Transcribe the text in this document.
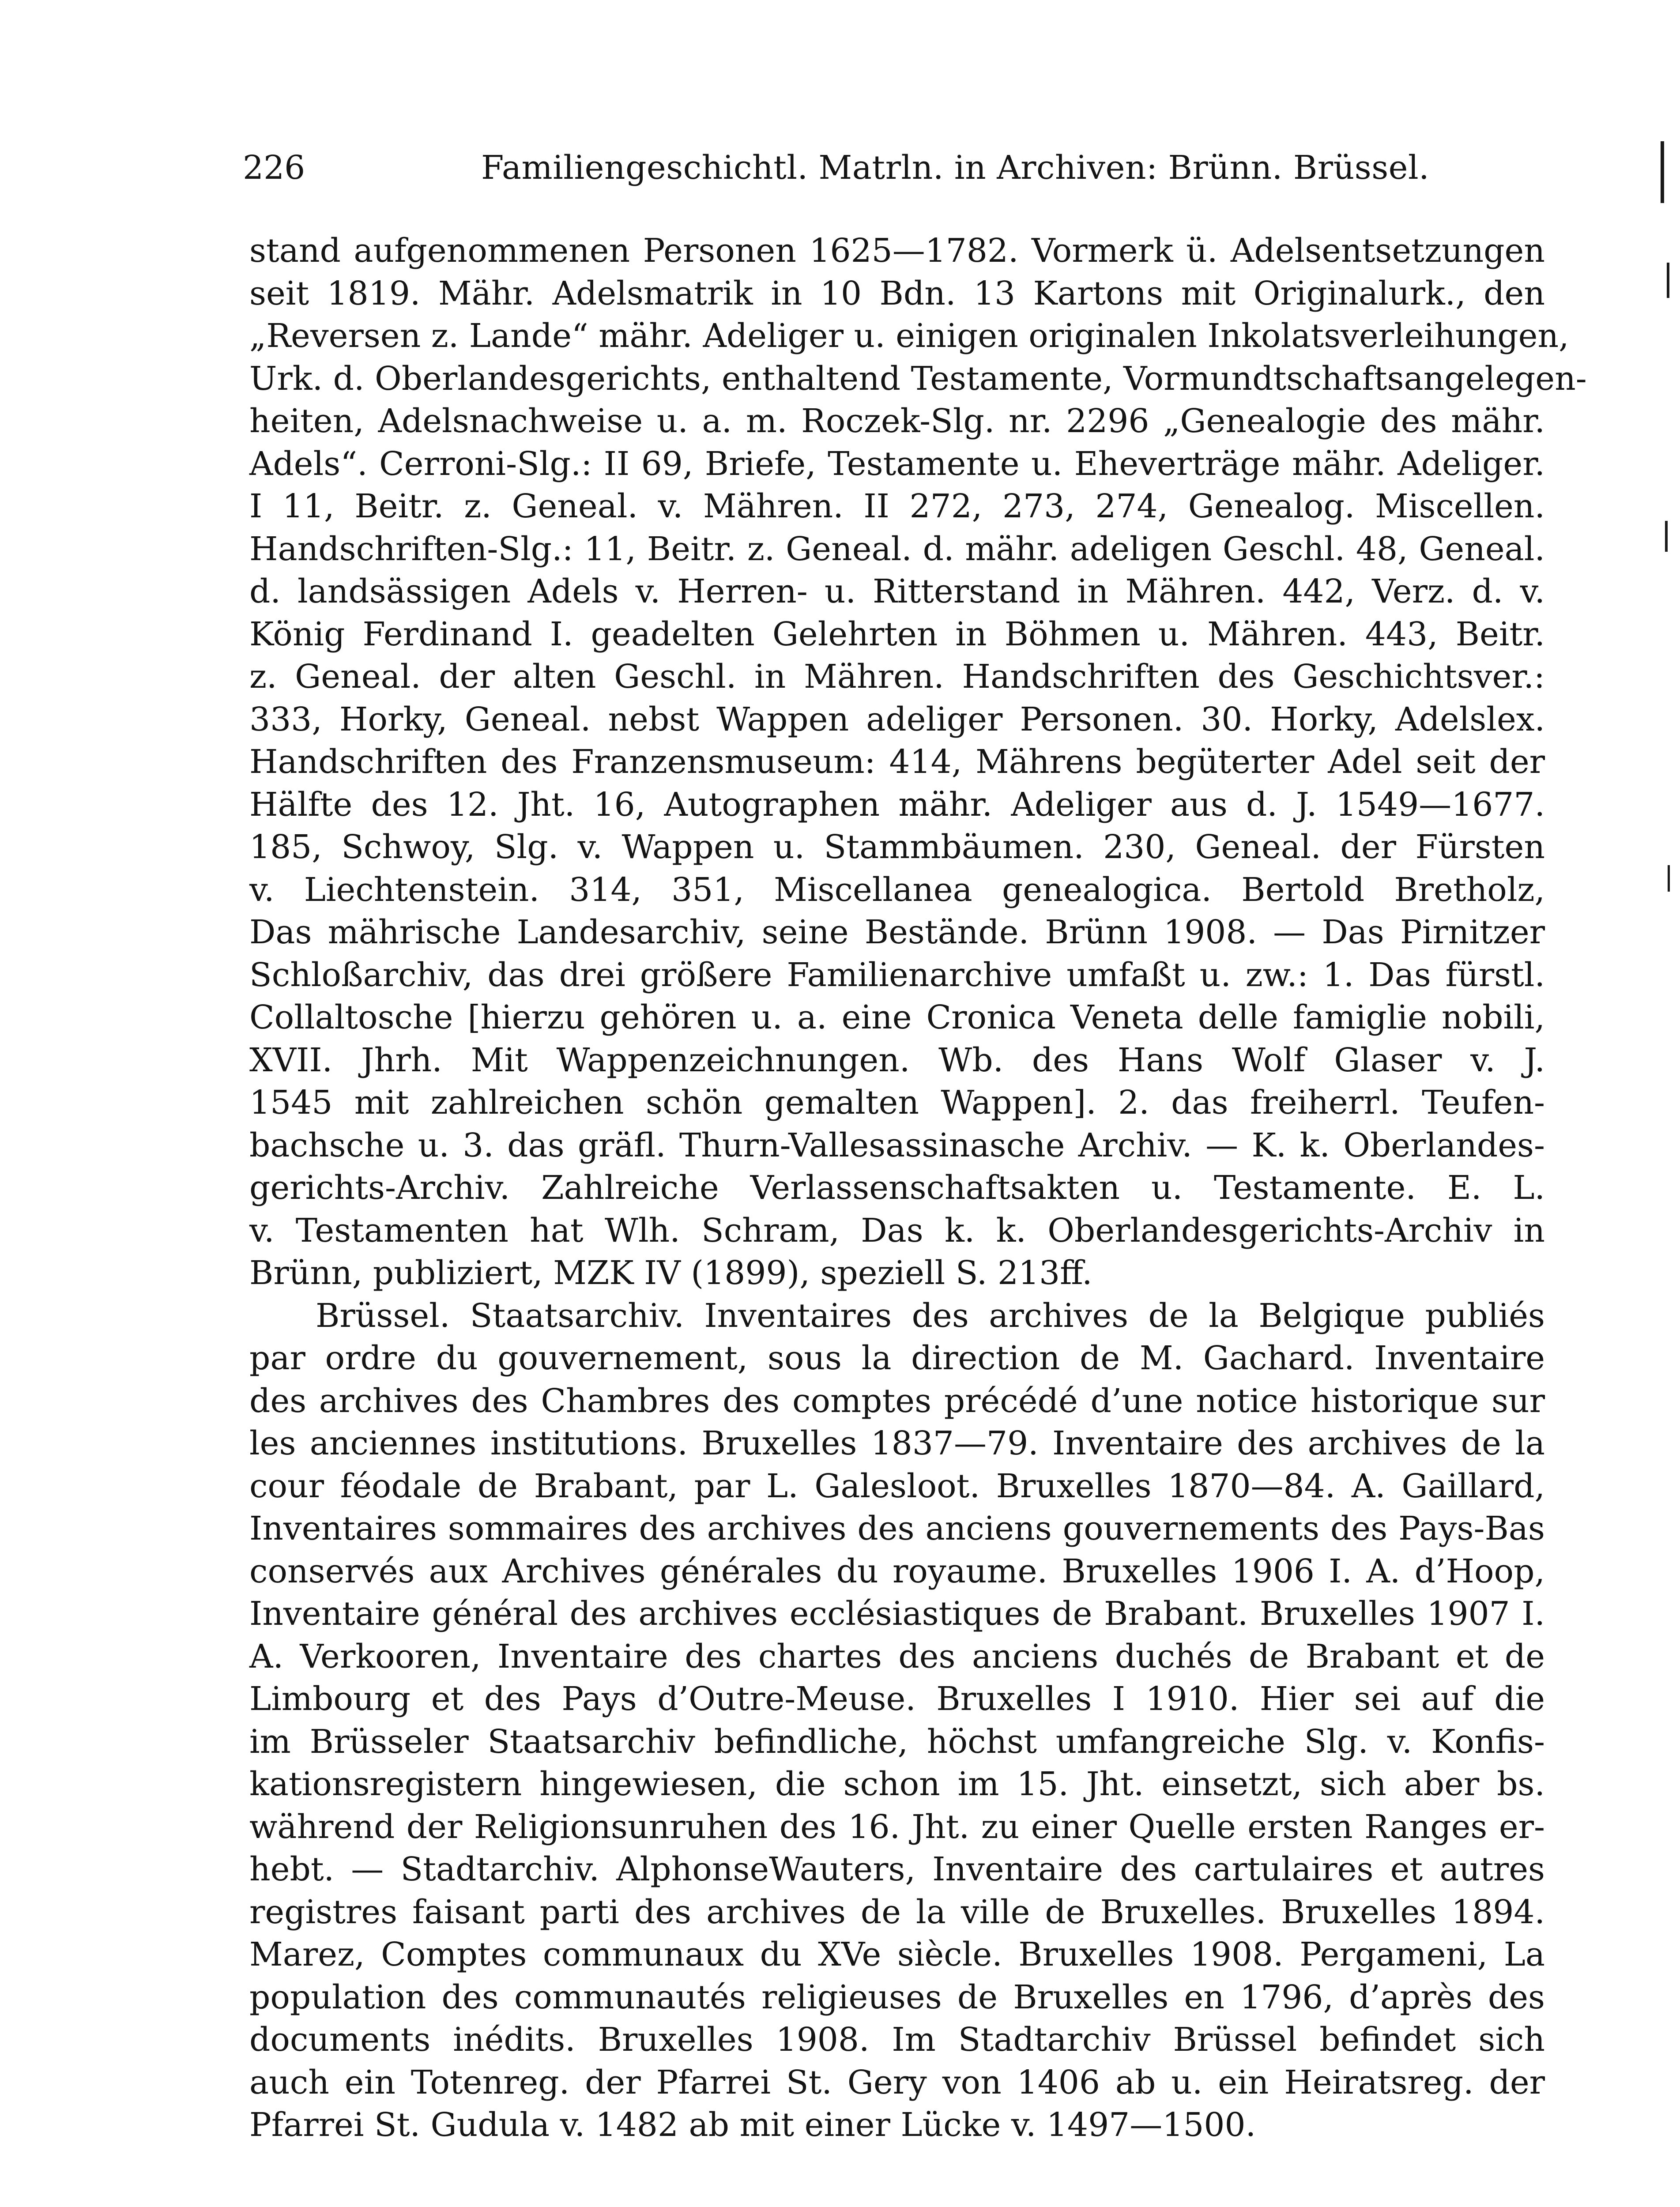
226	Familiengeschichtl. Matrln. in Archiven: Brünn. Brüssel.
stand aufgenommenen Personen 1625—1782. Vormerk ü. Adelsentsetzungen
seit 1819. Mähr. Adelsmatrik in 10 Bdn. 13 Kartons mit Originalurk., den
„Reversen z. Lande“ mähr. Adeliger u. einigen originalen Inkolatsverleihungen,
Urk. d. Oberlandesgerichts, enthaltend Testamente, Vormundtschaftsangelegen-
heiten, Adelsnachweise u. a. m. Roczek-Slg. nr. 2296 „Genealogie des mähr.
Adels“. Cerroni-Slg.: II 69, Briefe, Testamente u. Eheverträge mähr. Adeliger.
I 11, Beitr. z. Geneal. v. Mähren. II 272, 273, 274, Genealog. Miscellen.
Handschriften-Slg.: 11, Beitr. z. Geneal. d. mähr. adeligen Geschl. 48, Geneal.
d. landsässigen Adels v. Herren- u. Ritterstand in Mähren. 442, Verz. d. v.
König Ferdinand I. geadelten Gelehrten in Böhmen u. Mähren. 443, Beitr.
z. Geneal. der alten Geschl. in Mähren. Handschriften des Geschichtsver.:
333, Horky, Geneal. nebst Wappen adeliger Personen. 30. Horky, Adelslex.
Handschriften des Franzensmuseum: 414, Mährens begüterter Adel seit der
Hälfte des 12. Jht. 16, Autographen mähr. Adeliger aus d. J. 1549—1677.
185, Schwoy, Slg. v. Wappen u. Stammbäumen. 230, Geneal. der Fürsten
v. Liechtenstein. 314, 351, Miscellanea genealogica. Bertold Bretholz,
Das mährische Landesarchiv, seine Bestände. Brünn 1908. — Das Pirnitzer
Schloßarchiv, das drei größere Familienarchive umfaßt u. zw.: 1. Das fürstl.
Collaltosche [hierzu gehören u. a. eine Cronica Veneta delle famiglie nobili,
XVII. Jhrh. Mit Wappenzeichnungen. Wb. des Hans Wolf Glaser v. J.
1545 mit zahlreichen schön gemalten Wappen]. 2. das freiherrl. Teufen-
bachsche u. 3. das gräfl. Thurn-Vallesassinasche Archiv. — K. k. Oberlandes-
gerichts-Archiv. Zahlreiche Verlassenschaftsakten u. Testamente. E. L.
v. Testamenten hat Wlh. Schram, Das k. k. Oberlandesgerichts-Archiv in
Brünn, publiziert, MZK IV (1899), speziell S. 213ff.
Brüssel. Staatsarchiv. Inventaires des archives de la Belgique publiés
par ordre du gouvernement, sous la direction de M. Gachard. Inventaire
des archives des Chambres des comptes précédé d’une notice historique sur
les anciennes institutions. Bruxelles 1837—79. Inventaire des archives de la
cour féodale de Brabant, par L. Galesloot. Bruxelles 1870—84. A. Gaillard,
Inventaires sommaires des archives des anciens gouvernements des Pays-Bas
conservés aux Archives générales du royaume. Bruxelles 1906 I. A. d’Hoop,
Inventaire général des archives ecclésiastiques de Brabant. Bruxelles 1907 I.
A. Verkooren, Inventaire des chartes des anciens duchés de Brabant et de
Limbourg et des Pays d’Outre-Meuse. Bruxelles I 1910. Hier sei auf die
im Brüsseler Staatsarchiv befindliche, höchst umfangreiche Slg. v. Konfis-
kationsregistern hingewiesen, die schon im 15. Jht. einsetzt, sich aber bs.
während der Religionsunruhen des 16. Jht. zu einer Quelle ersten Ranges er-
hebt. — Stadtarchiv. AlphonseWauters, Inventaire des cartulaires et autres
registres faisant parti des archives de la ville de Bruxelles. Bruxelles 1894.
Marez, Comptes communaux du XVe siècle. Bruxelles 1908. Pergameni, La
population des communautés religieuses de Bruxelles en 1796, d’après des
documents inédits. Bruxelles 1908. Im Stadtarchiv Brüssel befindet sich
auch ein Totenreg. der Pfarrei St. Gery von 1406 ab u. ein Heiratsreg. der
Pfarrei St. Gudula v. 1482 ab mit einer Lücke v. 1497—1500.
